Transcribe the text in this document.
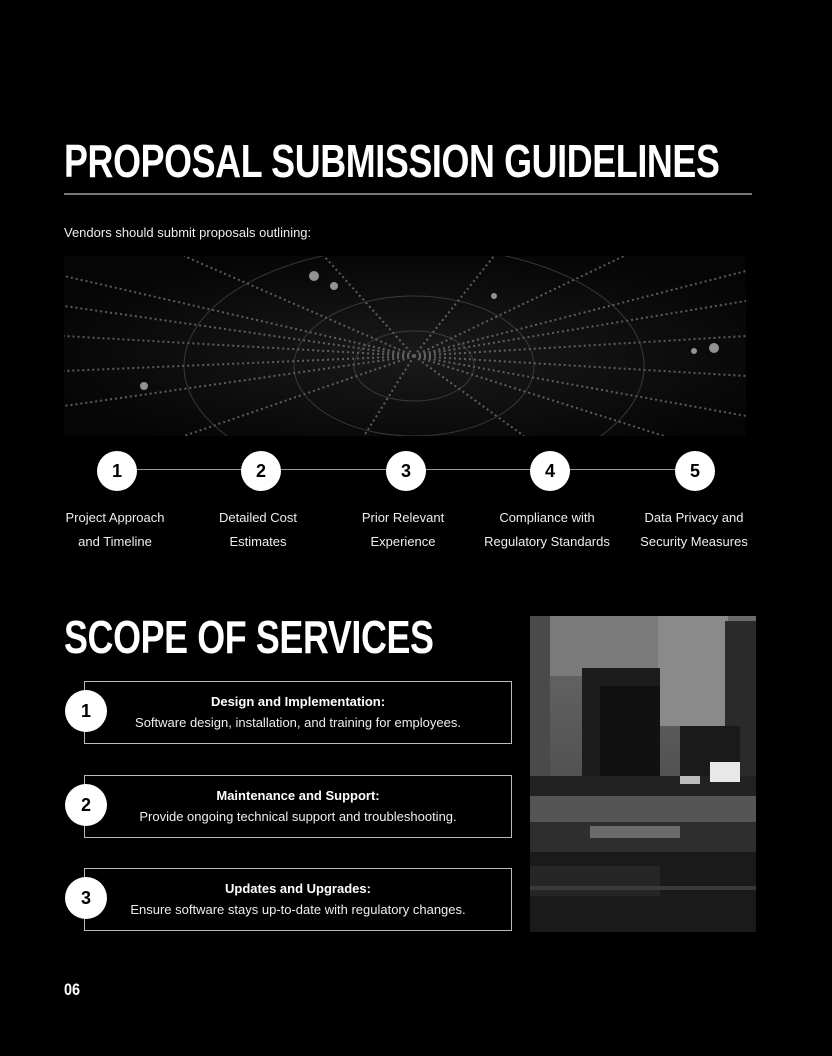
PROPOSAL SUBMISSION GUIDELINES
Vendors should submit proposals outlining:
1	2	3	4	5
Project Approach
and Timeline
Detailed Cost
Estimates
Prior Relevant
Experience
Compliance with
Regulatory Standards
Data Privacy and
Security Measures
SCOPE OF SERVICES
Design and Implementation:
Software design, installation, and training for employees.
1
Maintenance and Support:
Provide ongoing technical support and troubleshooting.
2
Updates and Upgrades:
Ensure software stays up-to-date with regulatory changes.
3
06
